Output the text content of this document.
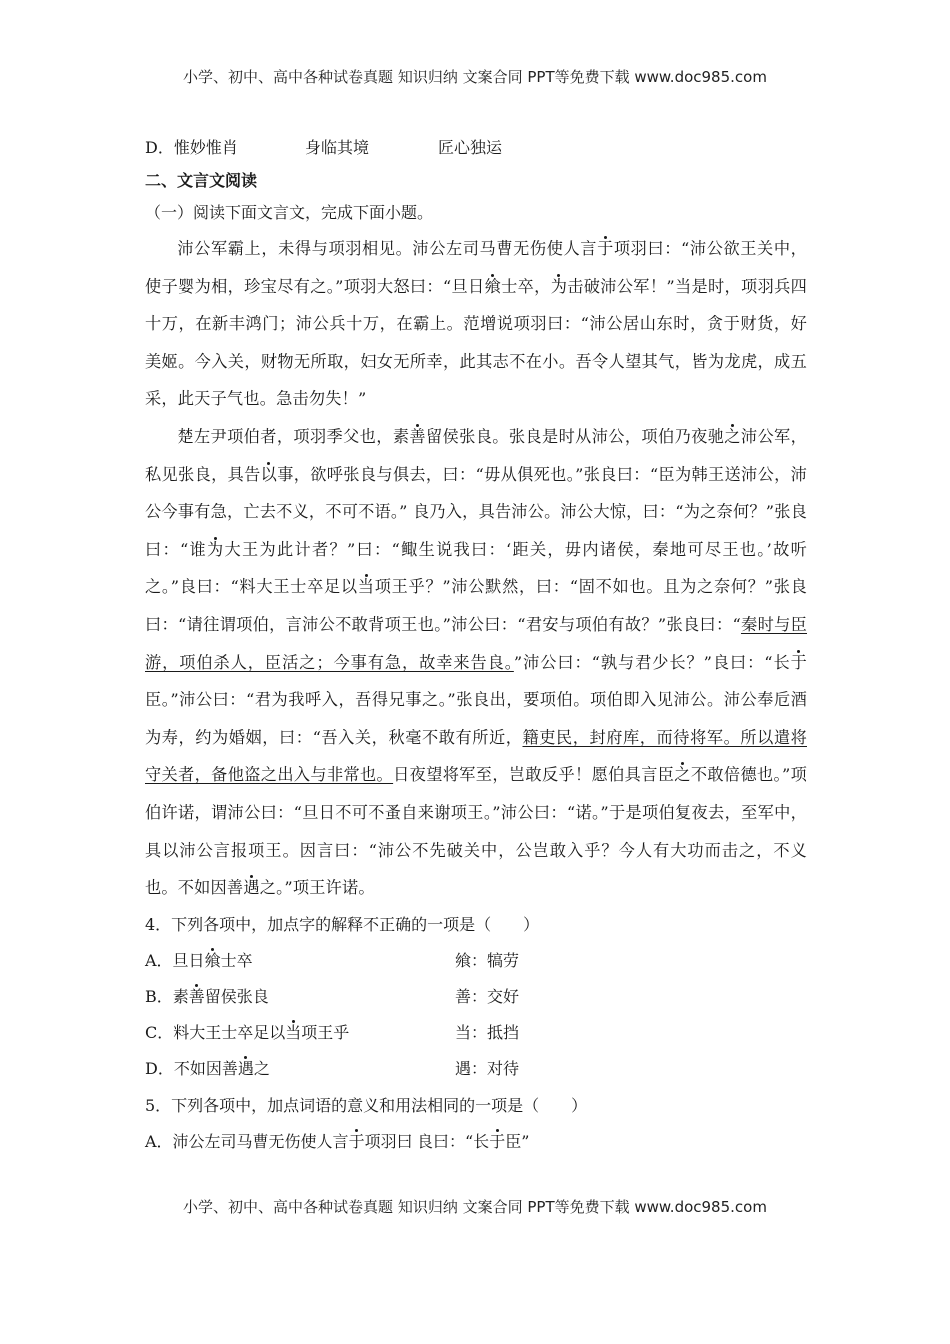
小学、初中、高中各种试卷真题 知识归纳 文案合同 PPT等免费下载 www.doc985.com
D．惟妙惟肖	身临其境	匠心独运
二、文言文阅读
（一）阅读下面文言文，完成下面小题。

沛公军霸上，未得与项羽相见。沛公左司马曹无伤使人言于项羽曰：“沛公欲王关中，使子婴为相，珍宝尽有之。”项羽大怒曰：“旦日飨士卒，为击破沛公军！”当是时，项羽兵四十万，在新丰鸿门；沛公兵十万，在霸上。范增说项羽曰：“沛公居山东时，贪于财货，好美姬。今入关，财物无所取，妇女无所幸，此其志不在小。吾令人望其气，皆为龙虎，成五采，此天子气也。急击勿失！”

楚左尹项伯者，项羽季父也，素善留侯张良。张良是时从沛公，项伯乃夜驰之沛公军，私见张良，具告以事，欲呼张良与俱去，曰：“毋从俱死也。”张良曰：“臣为韩王送沛公，沛公今事有急，亡去不义，不可不语。” 良乃入，具告沛公。沛公大惊，曰：“为之奈何？”张良曰：“谁为大王为此计者？”曰：“鲰生说我曰：‘距关，毋内诸侯，秦地可尽王也。’故听之。”良曰：“料大王士卒足以当项王乎？”沛公默然，曰：“固不如也。且为之奈何？”张良曰：“请往谓项伯，言沛公不敢背项王也。”沛公曰：“君安与项伯有故？”张良曰：“秦时与臣游，项伯杀人，臣活之；今事有急，故幸来告良。”沛公曰：“孰与君少长？”良曰：“长于臣。”沛公曰：“君为我呼入，吾得兄事之。”张良出，要项伯。项伯即入见沛公。沛公奉卮酒为寿，约为婚姻，曰：“吾入关，秋毫不敢有所近，籍吏民，封府库，而待将军。所以遣将守关者，备他盗之出入与非常也。日夜望将军至，岂敢反乎！愿伯具言臣之不敢倍德也。”项伯许诺，谓沛公曰：“旦日不可不蚤自来谢项王。”沛公曰：“诺。”于是项伯复夜去，至军中，具以沛公言报项王。因言曰：“沛公不先破关中，公岂敢入乎？今人有大功而击之，不义也。不如因善遇之。”项王许诺。

4．下列各项中，加点字的解释不正确的一项是（　　）
A．旦日飨士卒	飨：犒劳
B．素善留侯张良	善：交好
C．料大王士卒足以当项王乎	当：抵挡
D．不如因善遇之	遇：对待
5．下列各项中，加点词语的意义和用法相同的一项是（　　）
A．沛公左司马曹无伤使人言于项羽曰 良曰：“长于臣”
小学、初中、高中各种试卷真题 知识归纳 文案合同 PPT等免费下载 www.doc985.com
